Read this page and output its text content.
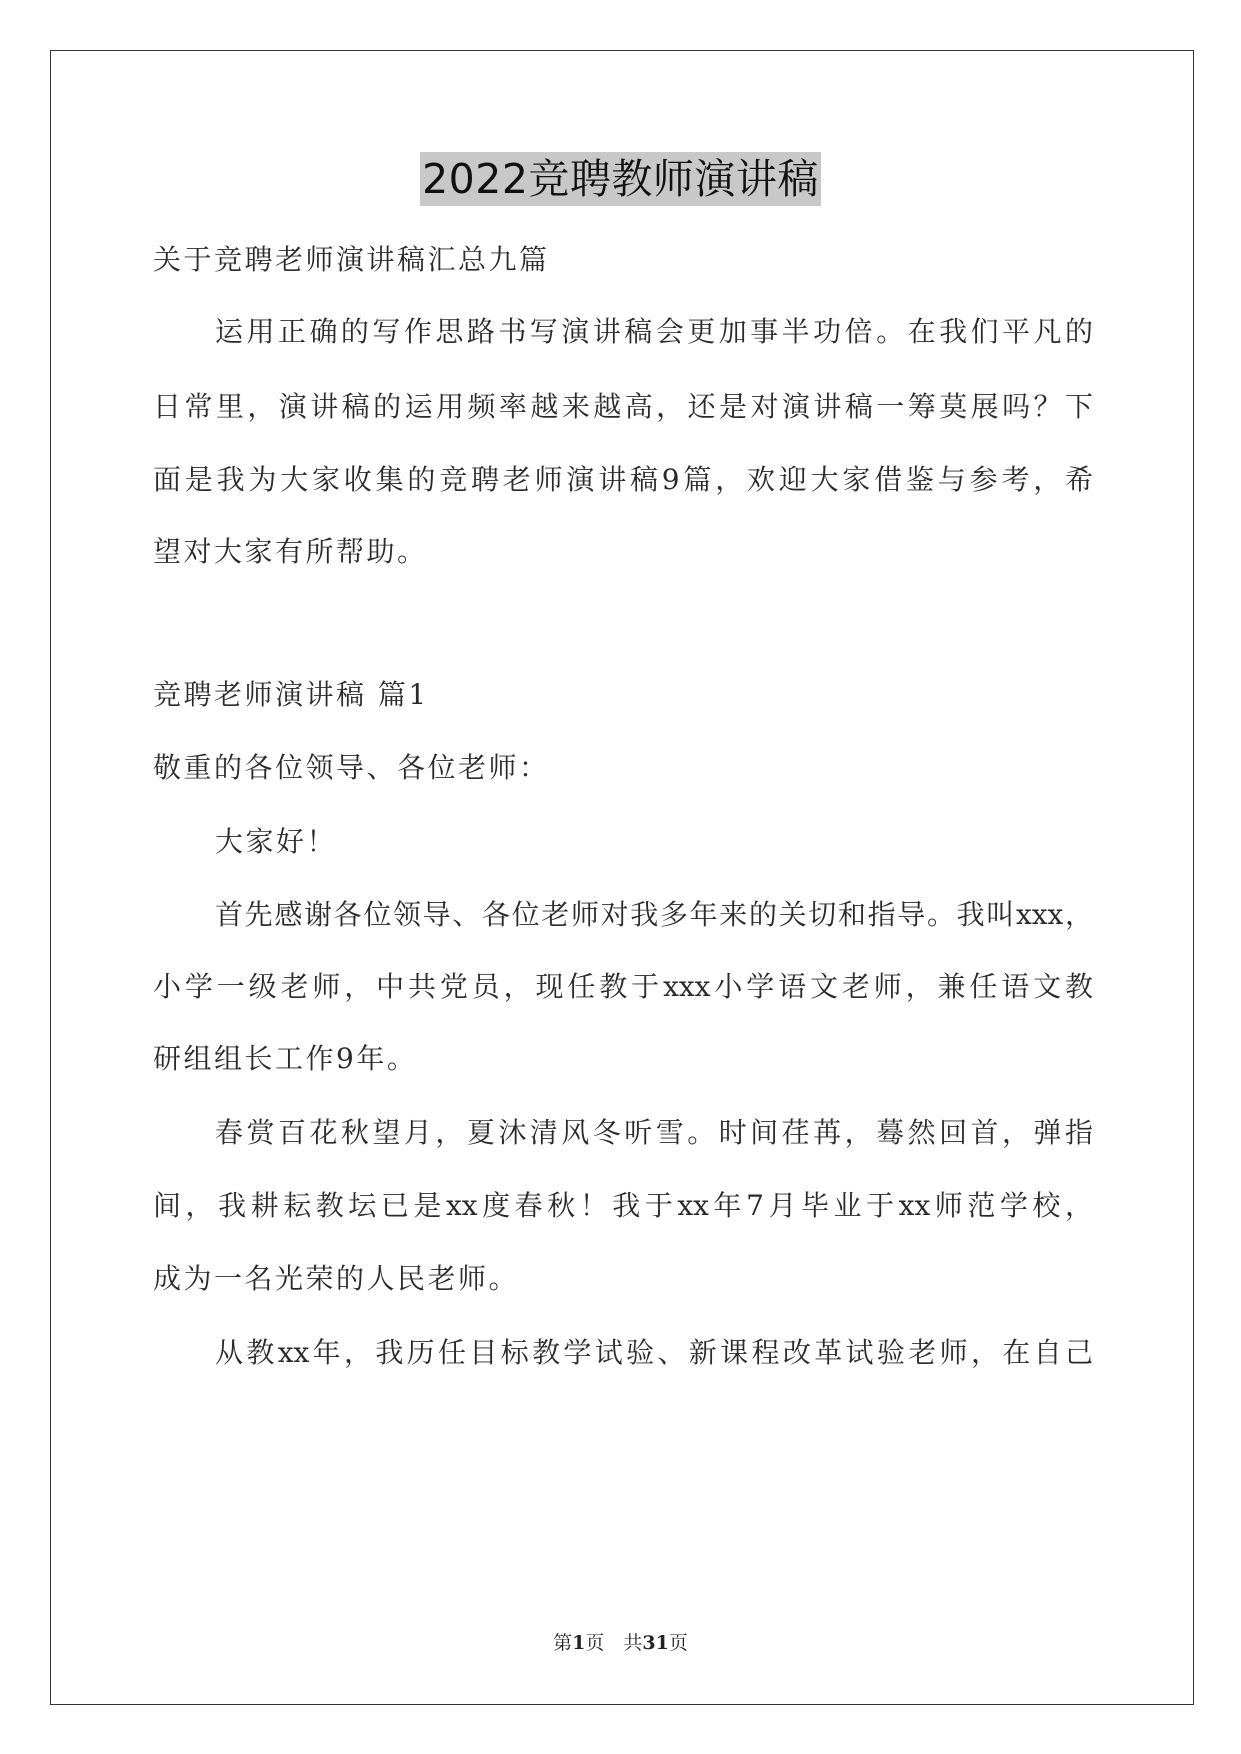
2022竞聘教师演讲稿
关于竞聘老师演讲稿汇总九篇
运用正确的写作思路书写演讲稿会更加事半功倍。在我们平凡的
日常里，演讲稿的运用频率越来越高，还是对演讲稿一筹莫展吗？下
面是我为大家收集的竞聘老师演讲稿9篇，欢迎大家借鉴与参考，希
望对大家有所帮助。
竞聘老师演讲稿 篇1
敬重的各位领导、各位老师：
大家好！
首先感谢各位领导、各位老师对我多年来的关切和指导。我叫xxx，
小学一级老师，中共党员，现任教于xxx小学语文老师，兼任语文教
研组组长工作9年。
春赏百花秋望月，夏沐清风冬听雪。时间荏苒，蓦然回首，弹指
间，我耕耘教坛已是xx度春秋！我于xx年7月毕业于xx师范学校，
成为一名光荣的人民老师。
从教xx年，我历任目标教学试验、新课程改革试验老师，在自己
第1页　共31页
